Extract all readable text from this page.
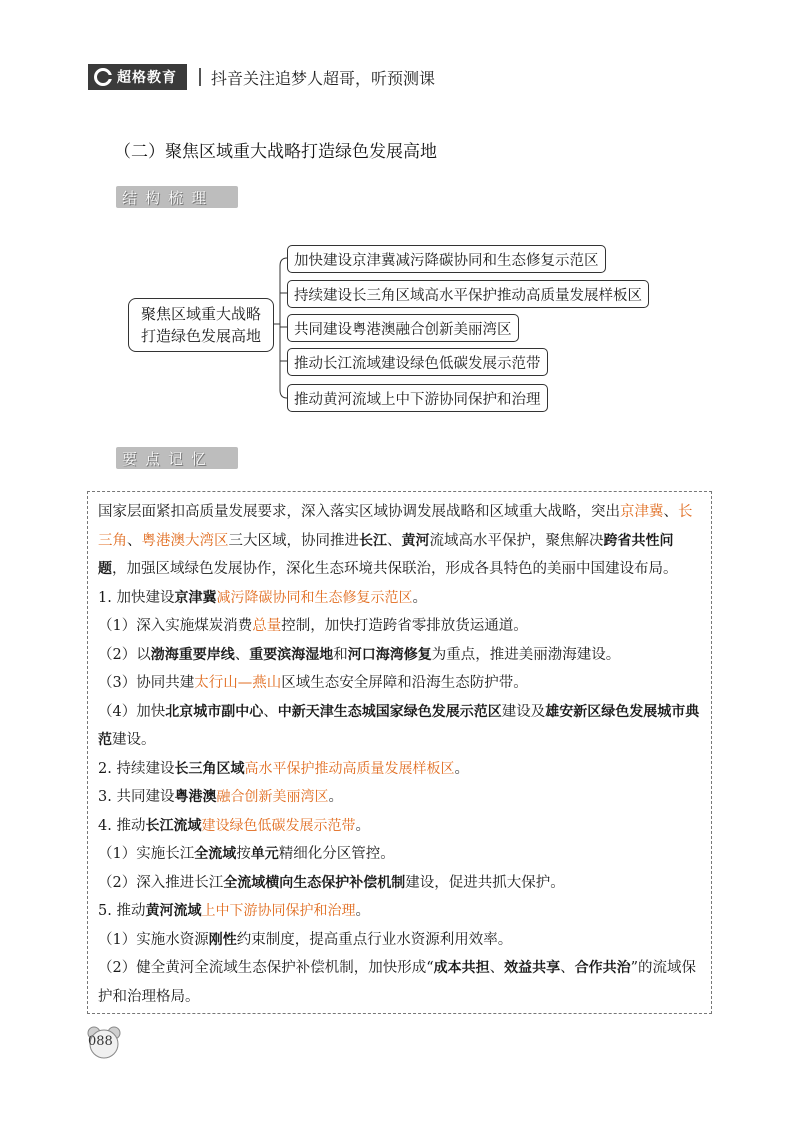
超格教育 抖音关注追梦人超哥，听预测课
（二）聚焦区域重大战略打造绿色发展高地
结构梳理
聚焦区域重大战略
打造绿色发展高地
加快建设京津冀减污降碳协同和生态修复示范区
持续建设长三角区域高水平保护推动高质量发展样板区
共同建设粤港澳融合创新美丽湾区
推动长江流域建设绿色低碳发展示范带
推动黄河流域上中下游协同保护和治理
要点记忆

国家层面紧扣高质量发展要求，深入落实区域协调发展战略和区域重大战略，突出京津冀、长三角、粤港澳大湾区三大区域，协同推进长江、黄河流域高水平保护，聚焦解决跨省共性问题，加强区域绿色发展协作，深化生态环境共保联治，形成各具特色的美丽中国建设布局。

1. 加快建设京津冀减污降碳协同和生态修复示范区。

（1）深入实施煤炭消费总量控制，加快打造跨省零排放货运通道。

（2）以渤海重要岸线、重要滨海湿地和河口海湾修复为重点，推进美丽渤海建设。

（3）协同共建太行山—燕山区域生态安全屏障和沿海生态防护带。

（4）加快北京城市副中心、中新天津生态城国家绿色发展示范区建设及雄安新区绿色发展城市典范建设。

2. 持续建设长三角区域高水平保护推动高质量发展样板区。

3. 共同建设粤港澳融合创新美丽湾区。

4. 推动长江流域建设绿色低碳发展示范带。

（1）实施长江全流域按单元精细化分区管控。

（2）深入推进长江全流域横向生态保护补偿机制建设，促进共抓大保护。

5. 推动黄河流域上中下游协同保护和治理。

（1）实施水资源刚性约束制度，提高重点行业水资源利用效率。

（2）健全黄河全流域生态保护补偿机制，加快形成“成本共担、效益共享、合作共治”的流域保护和治理格局。

088
